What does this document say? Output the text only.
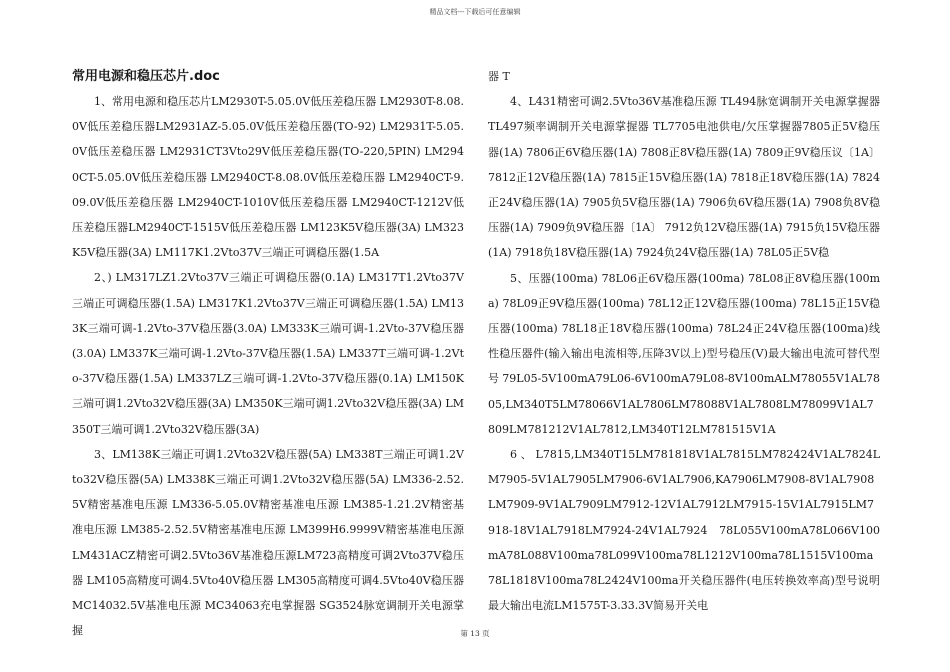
精品文档---下载后可任意编辑
常用电源和稳压芯片.doc

1、常用电源和稳压芯片LM2930T-5.05.0V低压差稳压器 LM2930T-8.08.0V低压差稳压器LM2931AZ-5.05.0V低压差稳压器(TO-92) LM2931T-5.05.0V低压差稳压器 LM2931CT3Vto29V低压差稳压器(TO-220,5PIN) LM2940CT-5.05.0V低压差稳压器 LM2940CT-8.08.0V低压差稳压器 LM2940CT-9.09.0V低压差稳压器 LM2940CT-1010V低压差稳压器 LM2940CT-1212V低压差稳压器LM2940CT-1515V低压差稳压器 LM123K5V稳压器(3A) LM323K5V稳压器(3A) LM117K1.2Vto37V三端正可调稳压器(1.5A

2、) LM317LZ1.2Vto37V三端正可调稳压器(0.1A) LM317T1.2Vto37V三端正可调稳压器(1.5A) LM317K1.2Vto37V三端正可调稳压器(1.5A) LM133K三端可调-1.2Vto-37V稳压器(3.0A) LM333K三端可调-1.2Vto-37V稳压器(3.0A) LM337K三端可调-1.2Vto-37V稳压器(1.5A) LM337T三端可调-1.2Vto-37V稳压器(1.5A) LM337LZ三端可调-1.2Vto-37V稳压器(0.1A) LM150K三端可调1.2Vto32V稳压器(3A) LM350K三端可调1.2Vto32V稳压器(3A) LM350T三端可调1.2Vto32V稳压器(3A)

3、LM138K三端正可调1.2Vto32V稳压器(5A) LM338T三端正可调1.2Vto32V稳压器(5A) LM338K三端正可调1.2Vto32V稳压器(5A) LM336-2.52.5V精密基准电压源 LM336-5.05.0V精密基准电压源 LM385-1.21.2V精密基准电压源 LM385-2.52.5V精密基准电压源 LM399H6.9999V精密基准电压源 LM431ACZ精密可调2.5Vto36V基准稳压源LM723高精度可调2Vto37V稳压器 LM105高精度可调4.5Vto40V稳压器 LM305高精度可调4.5Vto40V稳压器MC14032.5V基准电压源 MC34063充电掌握器 SG3524脉宽调制开关电源掌握

器 T

4、L431精密可调2.5Vto36V基准稳压源 TL494脉宽调制开关电源掌握器TL497频率调制开关电源掌握器 TL7705电池供电/欠压掌握器7805正5V稳压器(1A) 7806正6V稳压器(1A) 7808正8V稳压器(1A) 7809正9V稳压议〔1A〕 7812正12V稳压器(1A) 7815正15V稳压器(1A) 7818正18V稳压器(1A) 7824正24V稳压器(1A) 7905负5V稳压器(1A) 7906负6V稳压器(1A) 7908负8V稳压器(1A) 7909负9V稳压器〔1A〕 7912负12V稳压器(1A) 7915负15V稳压器(1A) 7918负18V稳压器(1A) 7924负24V稳压器(1A) 78L05正5V稳

5、压器(100ma) 78L06正6V稳压器(100ma) 78L08正8V稳压器(100ma) 78L09正9V稳压器(100ma) 78L12正12V稳压器(100ma) 78L15正15V稳压器(100ma) 78L18正18V稳压器(100ma) 78L24正24V稳压器(100ma)线性稳压器件(输入输出电流相等,压降3V以上)型号稳压(V)最大输出电流可替代型号79L05-5V100mA79L06-6V100mA79L08-8V100mALM78055V1AL7805,LM340T5LM78066V1AL7806LM78088V1AL7808LM78099V1AL7809LM781212V1AL7812,LM340T12LM781515V1A

6、L7815,LM340T15LM781818V1AL7815LM782424V1AL7824LM7905-5V1AL7905LM7906-6V1AL7906,KA7906LM7908-8V1AL7908LM7909-9V1AL7909LM7912-12V1AL7912LM7915-15V1AL7915LM7918-18V1AL7918LM7924-24V1AL7924 78L055V100mA78L066V100mA78L088V100ma78L099V100ma78L1212V100ma78L1515V100ma78L1818V100ma78L2424V100ma开关稳压器件(电压转换效率高)型号说明最大输出电流LM1575T-3.33.3V简易开关电

第 13 页
